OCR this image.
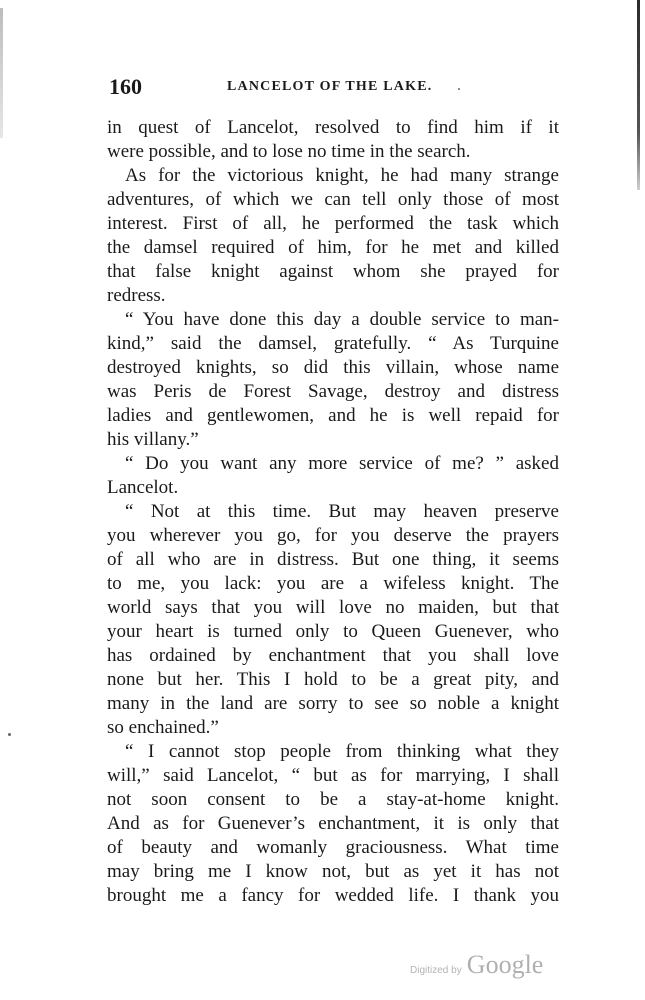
160	LANCELOT OF THE LAKE.
in quest of Lancelot, resolved to find him if it
were possible, and to lose no time in the search.
As for the victorious knight, he had many strange
adventures, of which we can tell only those of most
interest. First of all, he performed the task which
the damsel required of him, for he met and killed
that false knight against whom she prayed for
redress.
“ You have done this day a double service to man-
kind,” said the damsel, gratefully. “ As Turquine
destroyed knights, so did this villain, whose name
was Peris de Forest Savage, destroy and distress
ladies and gentlewomen, and he is well repaid for
his villany.”
“ Do you want any more service of me? ” asked
Lancelot.
“ Not at this time. But may heaven preserve
you wherever you go, for you deserve the prayers
of all who are in distress. But one thing, it seems
to me, you lack: you are a wifeless knight. The
world says that you will love no maiden, but that
your heart is turned only to Queen Guenever, who
has ordained by enchantment that you shall love
none but her. This I hold to be a great pity, and
many in the land are sorry to see so noble a knight
so enchained.”
“ I cannot stop people from thinking what they
will,” said Lancelot, “ but as for marrying, I shall
not soon consent to be a stay-at-home knight.
And as for Guenever’s enchantment, it is only that
of beauty and womanly graciousness. What time
may bring me I know not, but as yet it has not
brought me a fancy for wedded life. I thank you
Digitized by Google
